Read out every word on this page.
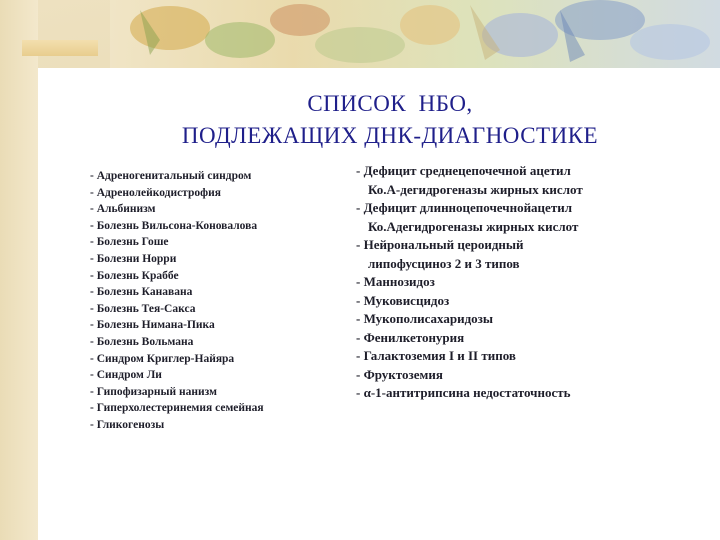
СПИСОК  НБО,
ПОДЛЕЖАЩИХ ДНК-ДИАГНОСТИКЕ
- Адреногенитальный синдром
- Адренолейкодистрофия
- Альбинизм
- Болезнь Вильсона-Коновалова
- Болезнь Гоше
- Болезни Норри
- Болезнь Краббе
- Болезнь Канавана
- Болезнь Тея-Сакса
- Болезнь Нимана-Пика
- Болезнь Вольмана
- Синдром Криглер-Найяра
- Синдром Ли
- Гипофизарный нанизм
- Гиперхолестеринемия семейная
- Гликогенозы
- Дефицит среднецепочечной ацетил
Ко.А-дегидрогеназы жирных кислот
- Дефицит длинноцепочечнойацетил
Ко.Адегидрогеназы жирных кислот
- Нейрональный цероидный
липофусциноз 2 и 3 типов
- Маннозидоз
- Муковисцидоз
- Мукополисахаридозы
- Фенилкетонурия
- Галактоземия I и II типов
- Фруктоземия
- α-1-антитрипсина недостаточность
